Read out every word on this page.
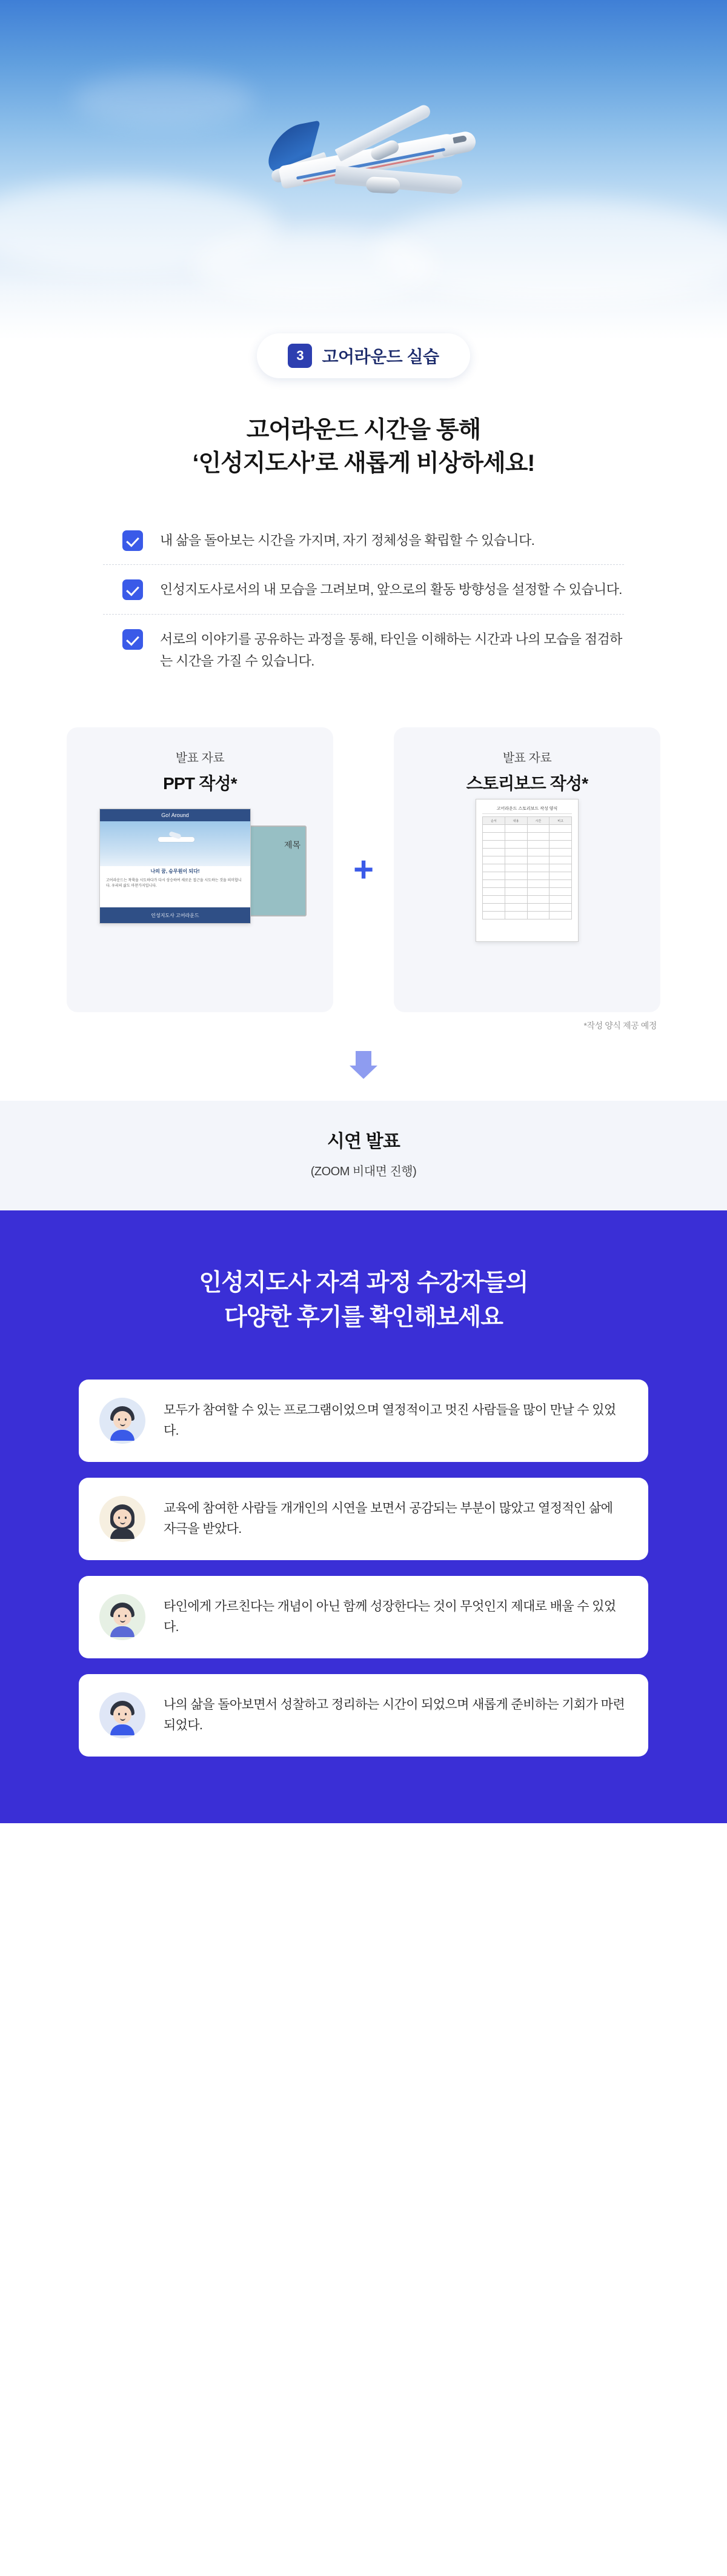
3	고어라운드 실습
고어라운드 시간을 통해
‘인성지도사’로 새롭게 비상하세요!
내 삶을 돌아보는 시간을 가지며, 자기 정체성을 확립할 수 있습니다.
인성지도사로서의 내 모습을 그려보며, 앞으로의 활동 방향성을 설정할 수 있습니다.
서로의 이야기를 공유하는 과정을 통해, 타인을 이해하는 시간과 나의 모습을 점검하는 시간을 가질 수 있습니다.
발표 자료
PPT 작성*
제목
Go! Around
나의 꿈, 승무원이 되다!
고어라운드는 착륙을 시도하다가 다시 상승하여 새로운 접근을 시도하는 것을 의미합니다. 우리의 삶도 마찬가지입니다.
인성지도사 고어라운드
+
발표 자료
스토리보드 작성*
고어라운드 스토리보드 작성 양식
순서	내용	시간	비고

*작성 양식 제공 예정
시연 발표
(ZOOM 비대면 진행)
인성지도사 자격 과정 수강자들의
다양한 후기를 확인해보세요
모두가 참여할 수 있는 프로그램이었으며 열정적이고 멋진 사람들을 많이 만날 수 있었다.
교육에 참여한 사람들 개개인의 시연을 보면서 공감되는 부분이 많았고 열정적인 삶에 자극을 받았다.
타인에게 가르친다는 개념이 아닌 함께 성장한다는 것이 무엇인지 제대로 배울 수 있었다.
나의 삶을 돌아보면서 성찰하고 정리하는 시간이 되었으며 새롭게 준비하는 기회가 마련되었다.
